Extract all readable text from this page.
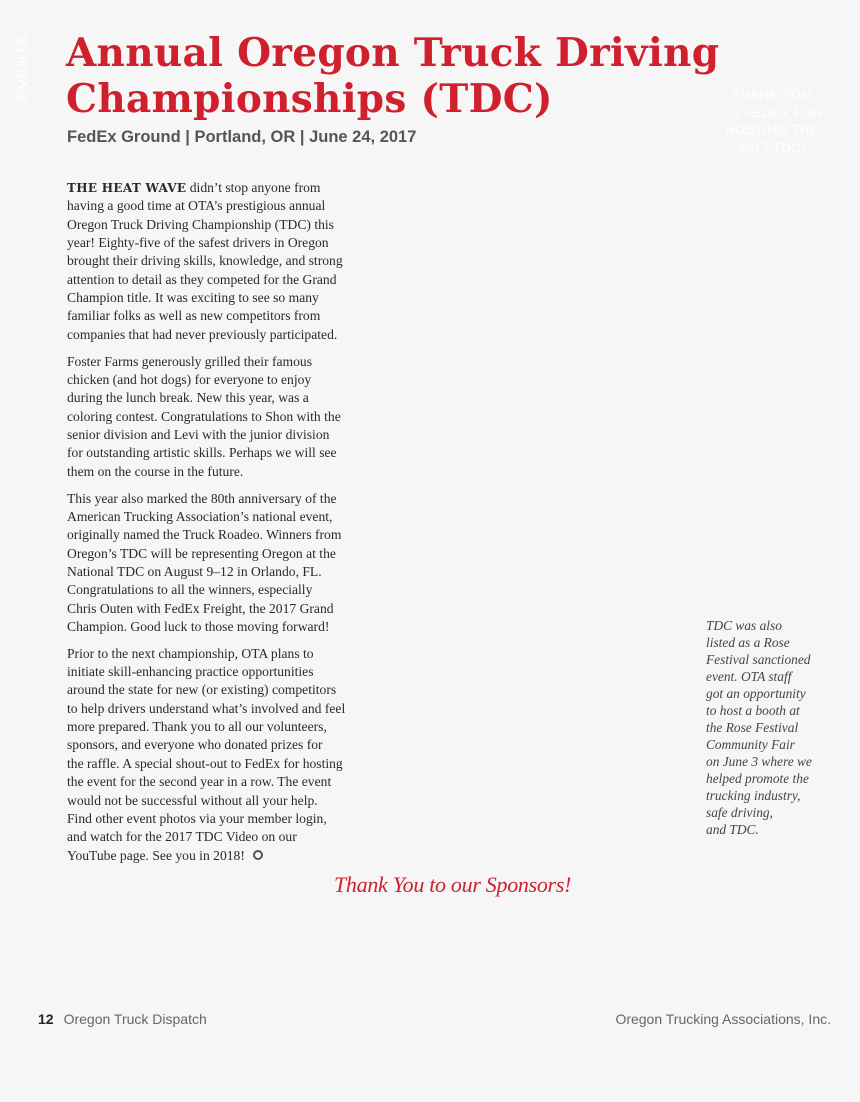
EVENTS Annual Oregon Truck Driving
Championships (TDC)
FedEx Ground | Portland, OR | June 24, 2017
THANK YOU
TO FEDEX FOR
HOSTING THE
2017 TDC!

THE HEAT WAVE didn’t stop anyone from
having a good time at OTA’s prestigious annual
Oregon Truck Driving Championship (TDC) this
year! Eighty-five of the safest drivers in Oregon
brought their driving skills, knowledge, and strong
attention to detail as they competed for the Grand
Champion title. It was exciting to see so many
familiar folks as well as new competitors from
companies that had never previously participated.

Foster Farms generously grilled their famous
chicken (and hot dogs) for everyone to enjoy
during the lunch break. New this year, was a
coloring contest. Congratulations to Shon with the
senior division and Levi with the junior division
for outstanding artistic skills. Perhaps we will see
them on the course in the future.

This year also marked the 80th anniversary of the
American Trucking Association’s national event,
originally named the Truck Roadeo. Winners from
Oregon’s TDC will be representing Oregon at the
National TDC on August 9–12 in Orlando, FL.
Congratulations to all the winners, especially
Chris Outen with FedEx Freight, the 2017 Grand
Champion. Good luck to those moving forward!

Prior to the next championship, OTA plans to
initiate skill-enhancing practice opportunities
around the state for new (or existing) competitors
to help drivers understand what’s involved and feel
more prepared. Thank you to all our volunteers,
sponsors, and everyone who donated prizes for
the raffle. A special shout-out to FedEx for hosting
the event for the second year in a row. The event
would not be successful without all your help.
Find other event photos via your member login,
and watch for the 2017 TDC Video on our
YouTube page. See you in 2018!

TDC was also
listed as a Rose
Festival sanctioned
event. OTA staff
got an opportunity
to host a booth at
the Rose Festival
Community Fair
on June 3 where we
helped promote the
trucking industry,
safe driving,
and TDC.
Thank You to our Sponsors!
12 Oregon Truck Dispatch	Oregon Trucking Associations, Inc.
